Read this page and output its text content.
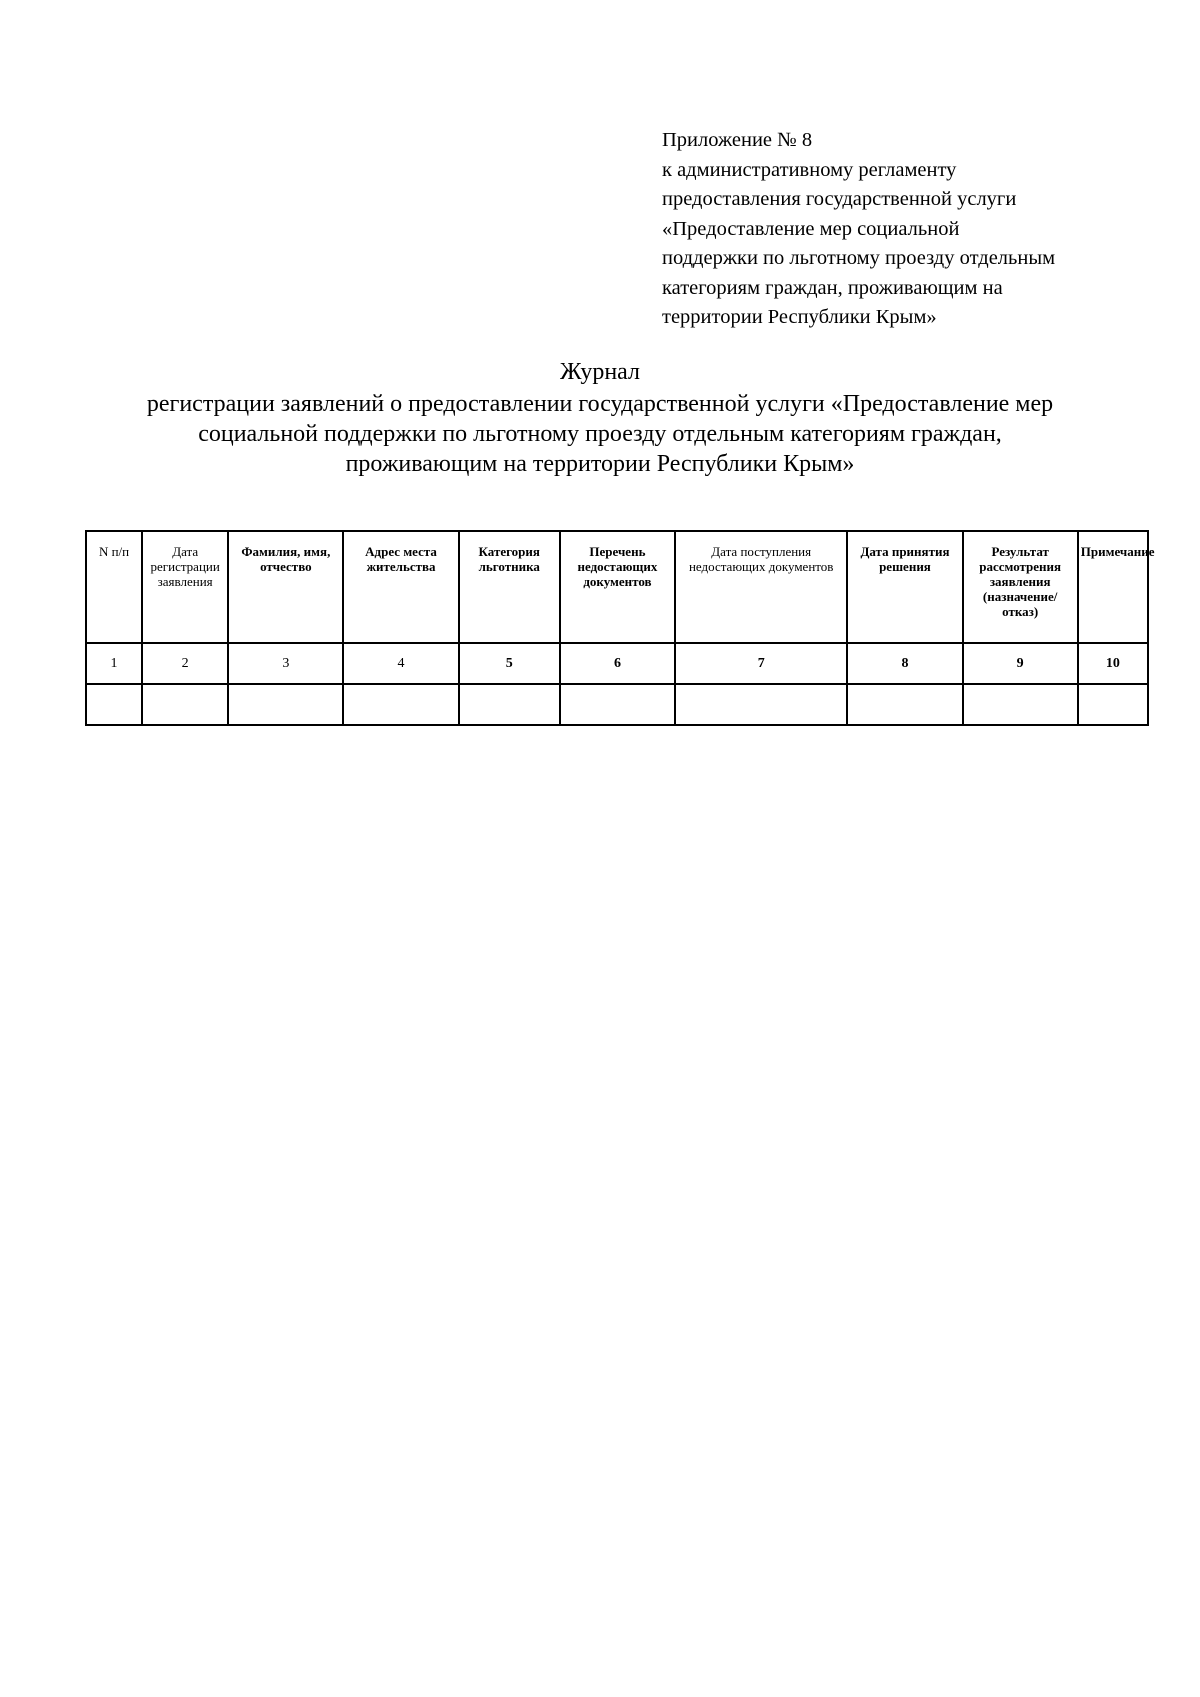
Приложение № 8
к административному регламенту
предоставления государственной услуги
«Предоставление мер социальной
поддержки по льготному проезду отдельным
категориям граждан, проживающим на
территории Республики Крым»
Журнал
регистрации заявлений о предоставлении государственной услуги «Предоставление мер
социальной поддержки по льготному проезду отдельным категориям граждан,
проживающим на территории Республики Крым»
N п/п	Дата регистрации заявления	Фамилия, имя, отчество	Адрес места жительства	Категория льготника	Перечень недостающих документов	Дата поступления недостающих документов	Дата принятия решения	Результат рассмотрения заявления (назначение/отказ)	Примечание
1	2	3	4	5	6	7	8	9	10
